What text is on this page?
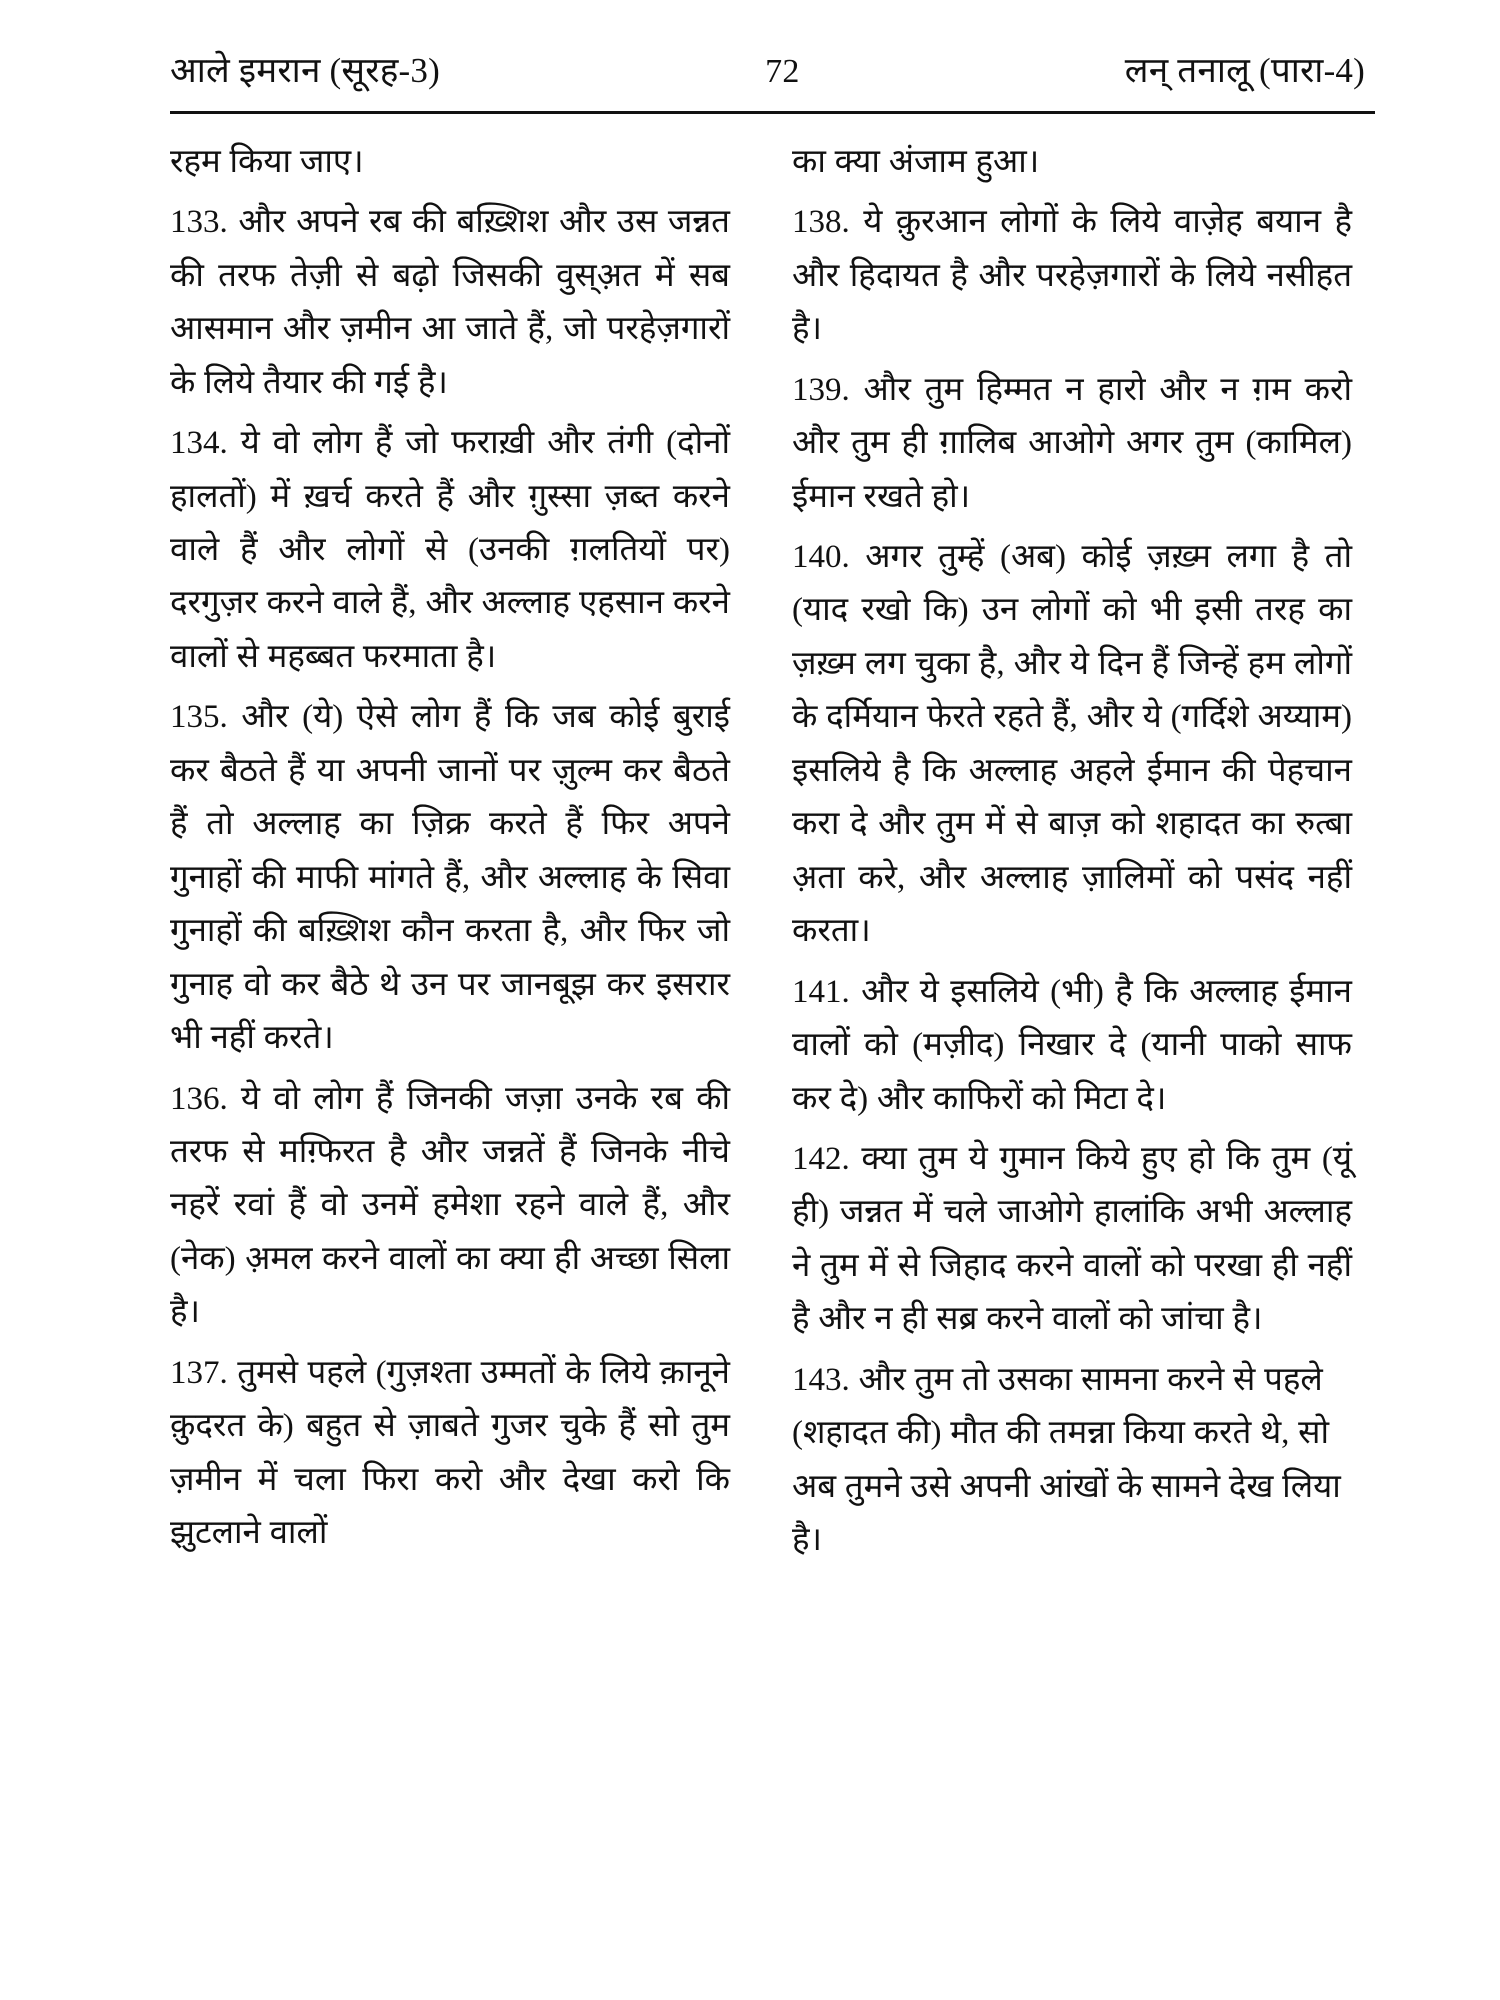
आले इमरान (सूरह-3)	72	लन् तनालू (पारा-4)

रहम किया जाए।

133. और अपने रब की बख़्शिश और उस जन्नत की तरफ तेज़ी से बढ़ो जिसकी वुस्अ़त में सब आसमान और ज़मीन आ जाते हैं, जो परहेज़गारों के लिये तैयार की गई है।

134. ये वो लोग हैं जो फराख़ी और तंगी (दोनों हालतों) में ख़र्च करते हैं और ग़ुस्सा ज़ब्त करने वाले हैं और लोगों से (उनकी ग़लतियों पर) दरगुज़र करने वाले हैं, और अल्लाह एहसान करने वालों से महब्बत फरमाता है।

135. और (ये) ऐसे लोग हैं कि जब कोई बुराई कर बैठते हैं या अपनी जानों पर ज़ुल्म कर बैठते हैं तो अल्लाह का ज़िक्र करते हैं फिर अपने गुनाहों की माफी मांगते हैं, और अल्लाह के सिवा गुनाहों की बख़्शिश कौन करता है, और फिर जो गुनाह वो कर बैठे थे उन पर जानबूझ कर इसरार भी नहीं करते।

136. ये वो लोग हैं जिनकी जज़ा उनके रब की तरफ से मग़्फिरत है और जन्नतें हैं जिनके नीचे नहरें रवां हैं वो उनमें हमेशा रहने वाले हैं, और (नेक) अ़मल करने वालों का क्या ही अच्छा सिला है।

137. तुमसे पहले (गुज़श्ता उम्मतों के लिये क़ानूने क़ुदरत के) बहुत से ज़ाबते गुजर चुके हैं सो तुम ज़मीन में चला फिरा करो और देखा करो कि झुटलाने वालों

का क्या अंजाम हुआ।

138. ये क़ुरआन लोगों के लिये वाज़ेह बयान है और हिदायत है और परहेज़गारों के लिये नसीहत है।

139. और तुम हिम्मत न हारो और न ग़म करो और तुम ही ग़ालिब आओगे अगर तुम (कामिल) ईमान रखते हो।

140. अगर तुम्हें (अब) कोई ज़ख़्म लगा है तो (याद रखो कि) उन लोगों को भी इसी तरह का ज़ख़्म लग चुका है, और ये दिन हैं जिन्हें हम लोगों के दर्मियान फेरते रहते हैं, और ये (गर्दिशे अय्याम) इसलिये है कि अल्लाह अहले ईमान की पेहचान करा दे और तुम में से बाज़ को शहादत का रुत्बा अ़ता करे, और अल्लाह ज़ालिमों को पसंद नहीं करता।

141. और ये इसलिये (भी) है कि अल्लाह ईमान वालों को (मज़ीद) निखार दे (यानी पाको साफ कर दे) और काफिरों को मिटा दे।

142. क्या तुम ये गुमान किये हुए हो कि तुम (यूं ही) जन्नत में चले जाओगे हालांकि अभी अल्लाह ने तुम में से जिहाद करने वालों को परखा ही नहीं है और न ही सब्र करने वालों को जांचा है।

143. और तुम तो उसका सामना करने से पहले (शहादत की) मौत की तमन्ना किया करते थे, सो अब तुमने उसे अपनी आंखों के सामने देख लिया है।
